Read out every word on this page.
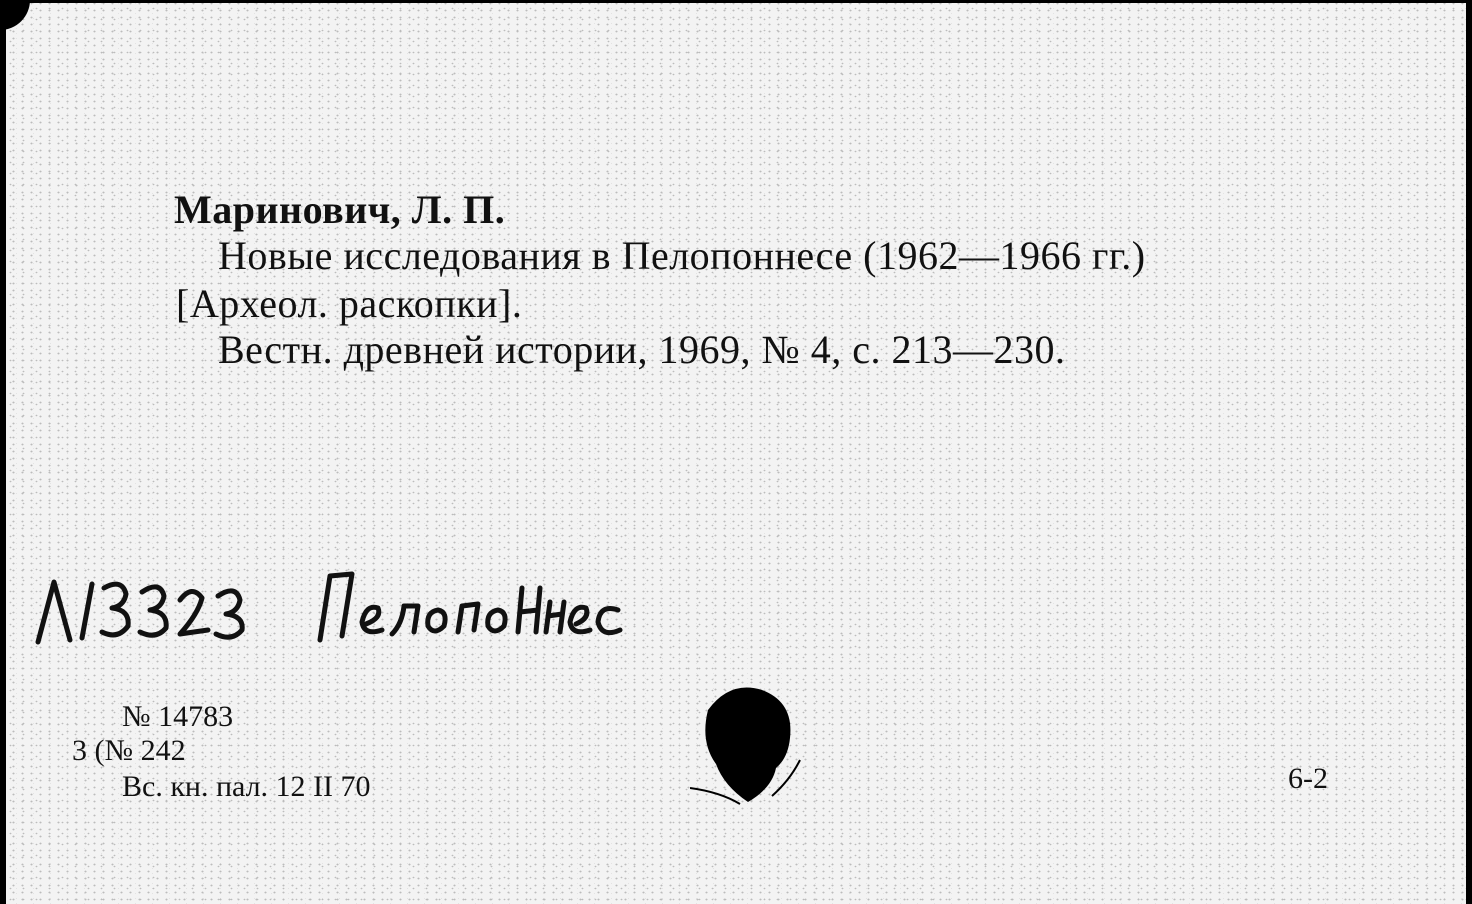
Маринович, Л. П.

Новые исследования в Пелопоннесе (1962—1966 гг.)

[Археол. раскопки].

Вестн. древней истории, 1969, № 4, с. 213—230.

№ 14783

3 (№ 242

Вс. кн. пал. 12 II 70	6-2
